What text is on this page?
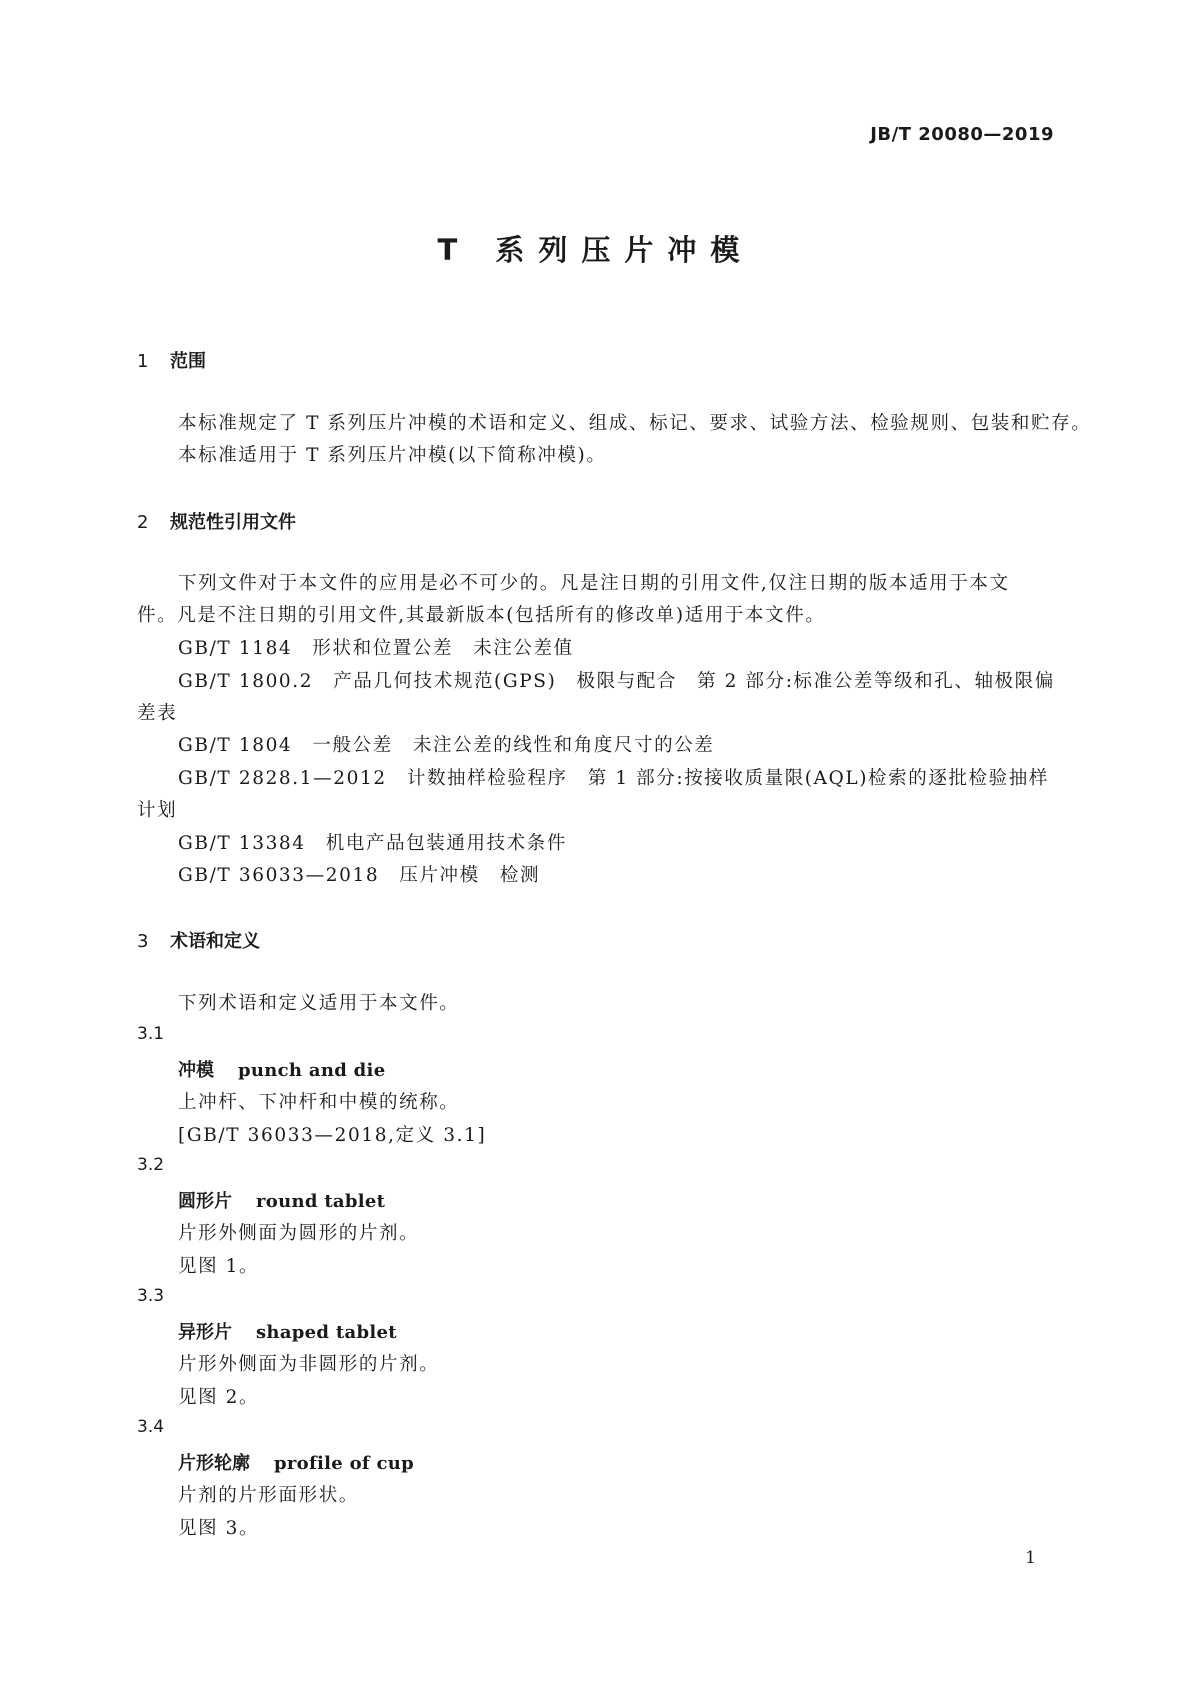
JB/T 20080—2019
T 系列压片冲模
1 范围
本标准规定了 T 系列压片冲模的术语和定义、组成、标记、要求、试验方法、检验规则、包装和贮存。
本标准适用于 T 系列压片冲模(以下简称冲模)。
2 规范性引用文件
下列文件对于本文件的应用是必不可少的。凡是注日期的引用文件,仅注日期的版本适用于本文
件。凡是不注日期的引用文件,其最新版本(包括所有的修改单)适用于本文件。
GB/T 1184　形状和位置公差　未注公差值
GB/T 1800.2　产品几何技术规范(GPS)　极限与配合　第 2 部分:标准公差等级和孔、轴极限偏
差表
GB/T 1804　一般公差　未注公差的线性和角度尺寸的公差
GB/T 2828.1—2012　计数抽样检验程序　第 1 部分:按接收质量限(AQL)检索的逐批检验抽样
计划
GB/T 13384　机电产品包装通用技术条件
GB/T 36033—2018　压片冲模　检测
3 术语和定义
下列术语和定义适用于本文件。
3.1
冲模 punch and die
上冲杆、下冲杆和中模的统称。
[GB/T 36033—2018,定义 3.1]
3.2
圆形片 round tablet
片形外侧面为圆形的片剂。
见图 1。
3.3
异形片 shaped tablet
片形外侧面为非圆形的片剂。
见图 2。
3.4
片形轮廓 profile of cup
片剂的片形面形状。
见图 3。
1
